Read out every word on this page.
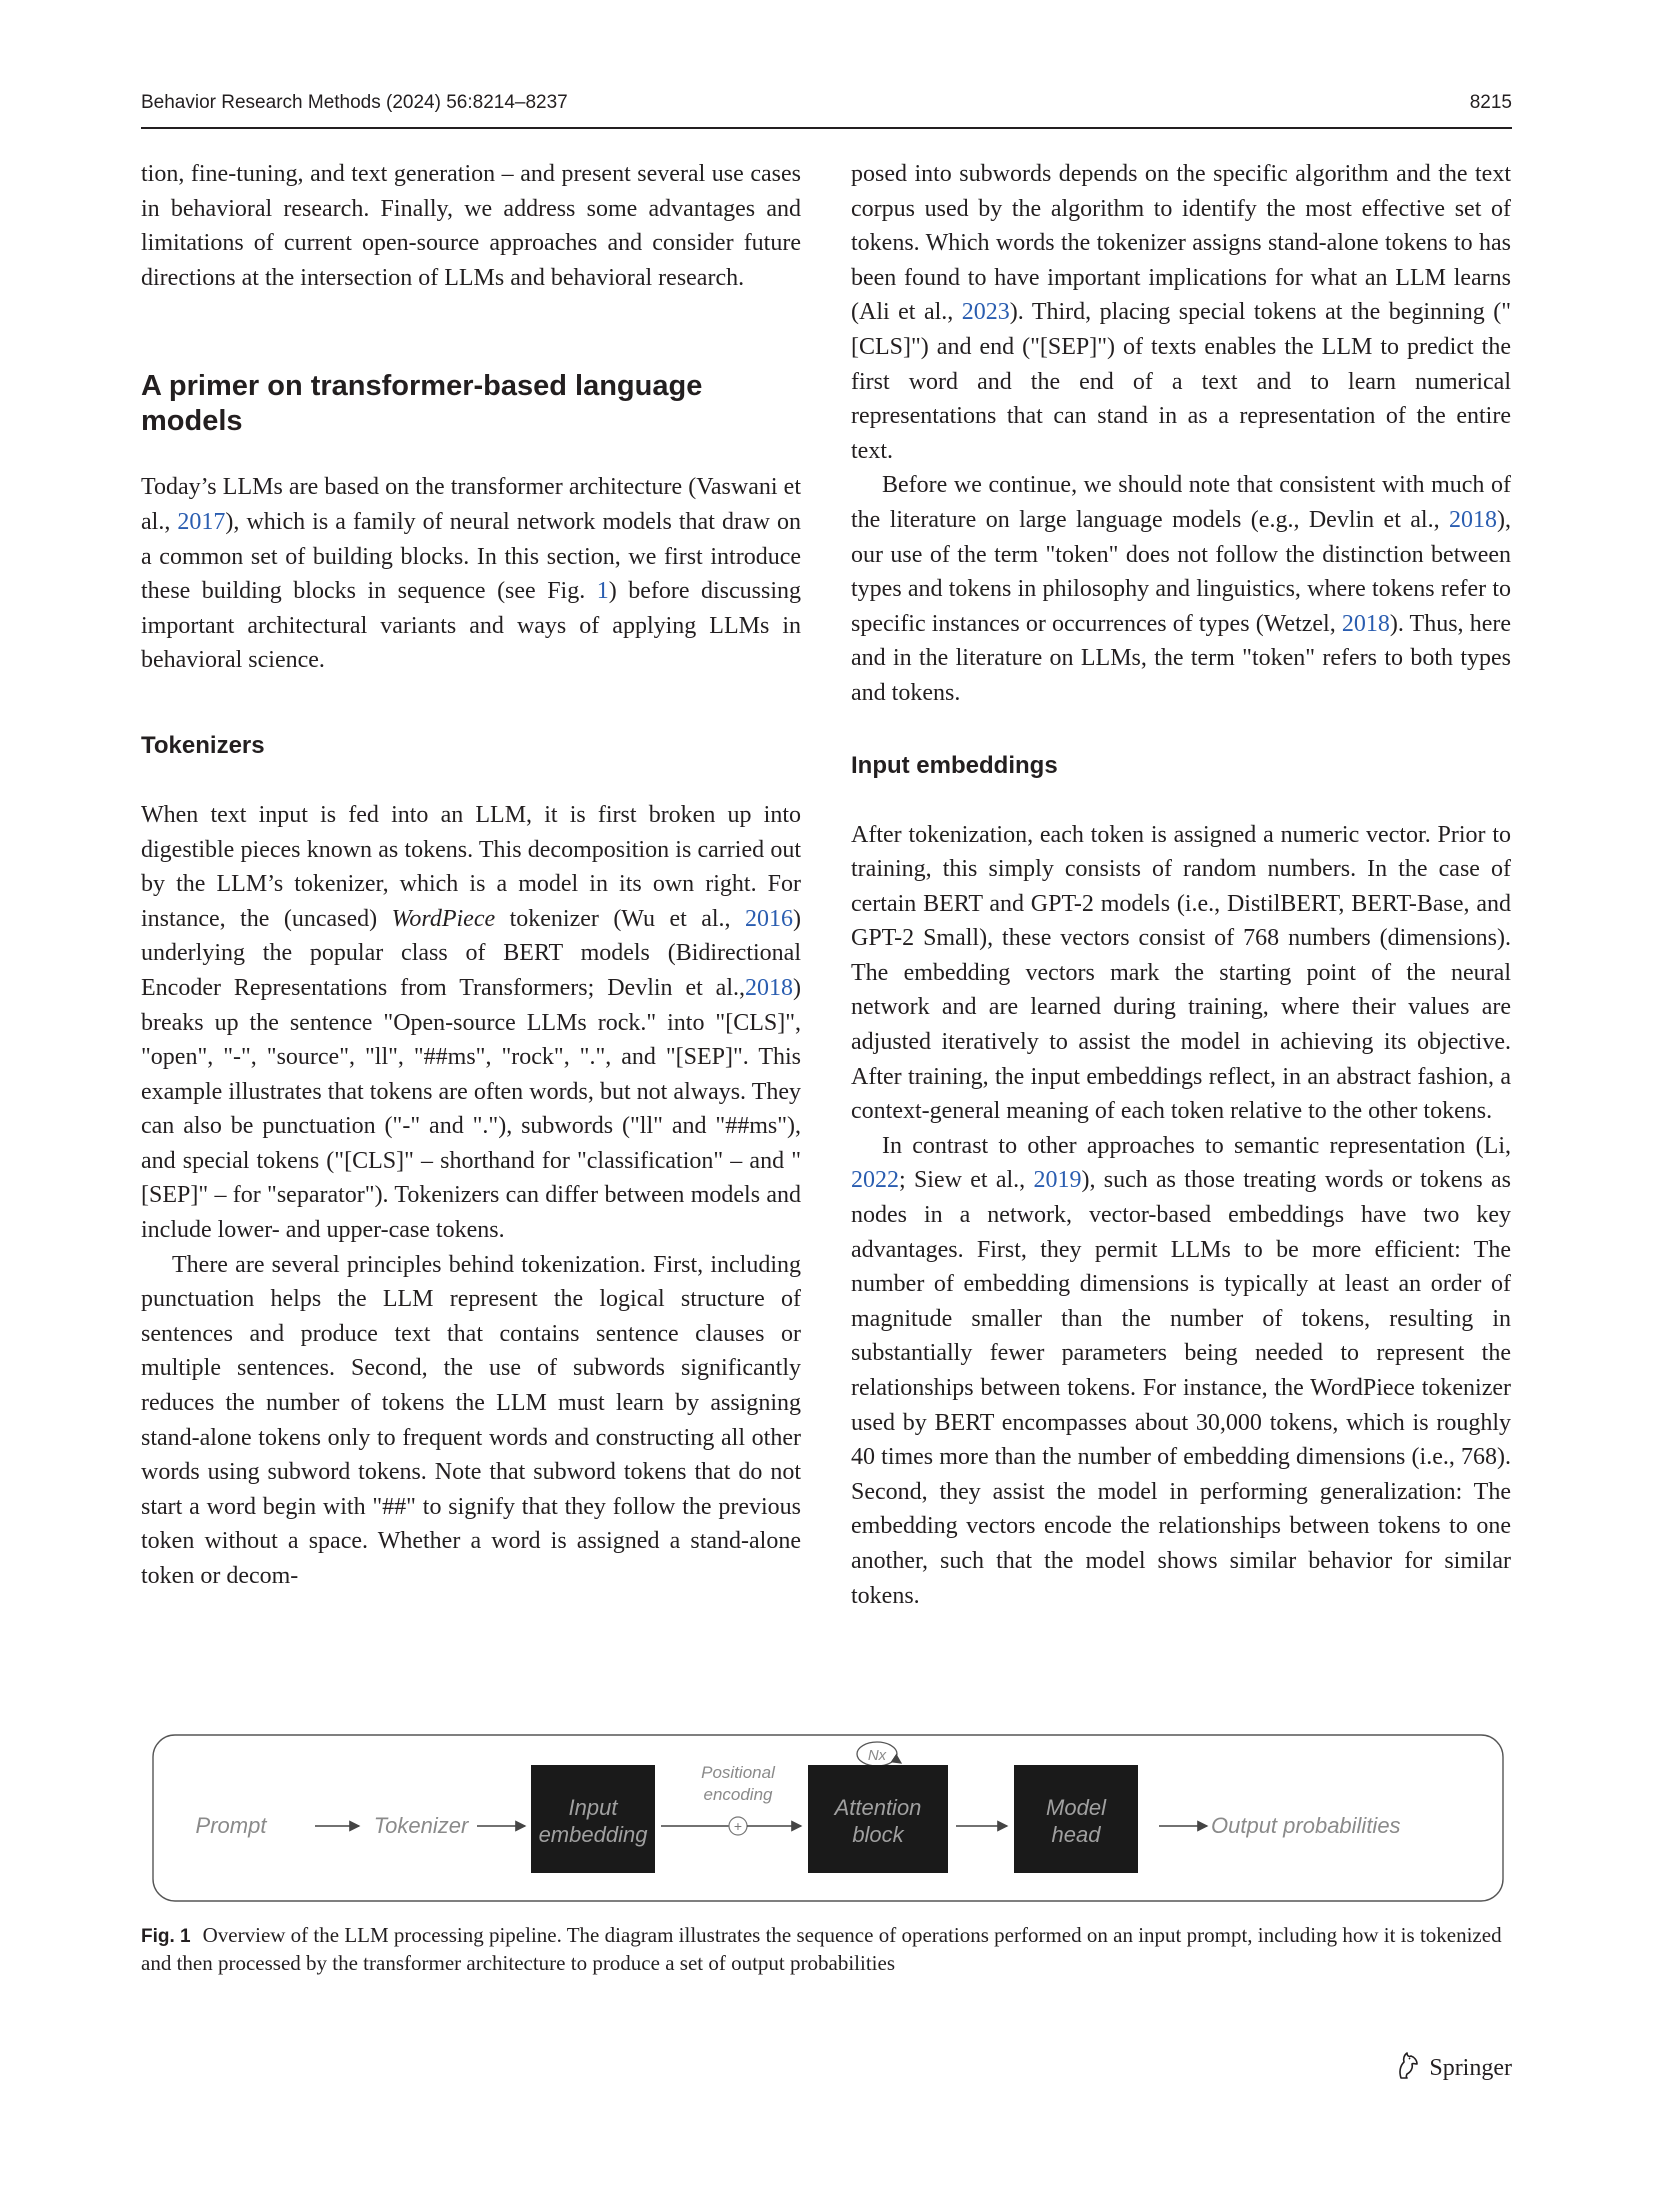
Behavior Research Methods (2024) 56:8214–8237	8215

tion, fine-tuning, and text generation – and present several use cases in behavioral research. Finally, we address some advantages and limitations of current open-source approaches and consider future directions at the intersection of LLMs and behavioral research.

A primer on transformer-based language models

Today’s LLMs are based on the transformer architecture (Vaswani et al., 2017), which is a family of neural network models that draw on a common set of building blocks. In this section, we first introduce these building blocks in sequence (see Fig. 1) before discussing important architectural variants and ways of applying LLMs in behavioral science.

Tokenizers

When text input is fed into an LLM, it is first broken up into digestible pieces known as tokens. This decomposition is carried out by the LLM’s tokenizer, which is a model in its own right. For instance, the (uncased) WordPiece tokenizer (Wu et al., 2016) underlying the popular class of BERT models (Bidirectional Encoder Representations from Transformers; Devlin et al.,2018) breaks up the sentence "Open-source LLMs rock." into "[CLS]", "open", "-", "source", "ll", "##ms", "rock", ".", and "[SEP]". This example illustrates that tokens are often words, but not always. They can also be punctuation ("-" and "."), subwords ("ll" and "##ms"), and special tokens ("[CLS]" – shorthand for "classification" – and "[SEP]" – for "separator"). Tokenizers can differ between models and include lower- and upper-case tokens.

There are several principles behind tokenization. First, including punctuation helps the LLM represent the logical structure of sentences and produce text that contains sentence clauses or multiple sentences. Second, the use of subwords significantly reduces the number of tokens the LLM must learn by assigning stand-alone tokens only to frequent words and constructing all other words using subword tokens. Note that subword tokens that do not start a word begin with "##" to signify that they follow the previous token without a space. Whether a word is assigned a stand-alone token or decom-

posed into subwords depends on the specific algorithm and the text corpus used by the algorithm to identify the most effective set of tokens. Which words the tokenizer assigns stand-alone tokens to has been found to have important implications for what an LLM learns (Ali et al., 2023). Third, placing special tokens at the beginning ("[CLS]") and end ("[SEP]") of texts enables the LLM to predict the first word and the end of a text and to learn numerical representations that can stand in as a representation of the entire text.

Before we continue, we should note that consistent with much of the literature on large language models (e.g., Devlin et al., 2018), our use of the term "token" does not follow the distinction between types and tokens in philosophy and linguistics, where tokens refer to specific instances or occurrences of types (Wetzel, 2018). Thus, here and in the literature on LLMs, the term "token" refers to both types and tokens.

Input embeddings

After tokenization, each token is assigned a numeric vector. Prior to training, this simply consists of random numbers. In the case of certain BERT and GPT-2 models (i.e., DistilBERT, BERT-Base, and GPT-2 Small), these vectors consist of 768 numbers (dimensions). The embedding vectors mark the starting point of the neural network and are learned during training, where their values are adjusted iteratively to assist the model in achieving its objective. After training, the input embeddings reflect, in an abstract fashion, a context-general meaning of each token relative to the other tokens.

In contrast to other approaches to semantic representation (Li, 2022; Siew et al., 2019), such as those treating words or tokens as nodes in a network, vector-based embeddings have two key advantages. First, they permit LLMs to be more efficient: The number of embedding dimensions is typically at least an order of magnitude smaller than the number of tokens, resulting in substantially fewer parameters being needed to represent the relationships between tokens. For instance, the WordPiece tokenizer used by BERT encompasses about 30,000 tokens, which is roughly 40 times more than the number of embedding dimensions (i.e., 768). Second, they assist the model in performing generalization: The embedding vectors encode the relationships between tokens to one another, such that the model shows similar behavior for similar tokens.

Prompt	Tokenizer
Input
embedding
Positional
encoding
+
Nx
Attention
block
Model
head	Output probabilities
Fig. 1 Overview of the LLM processing pipeline. The diagram illustrates the sequence of operations performed on an input prompt, including how it is tokenized and then processed by the transformer architecture to produce a set of output probabilities
Springer
